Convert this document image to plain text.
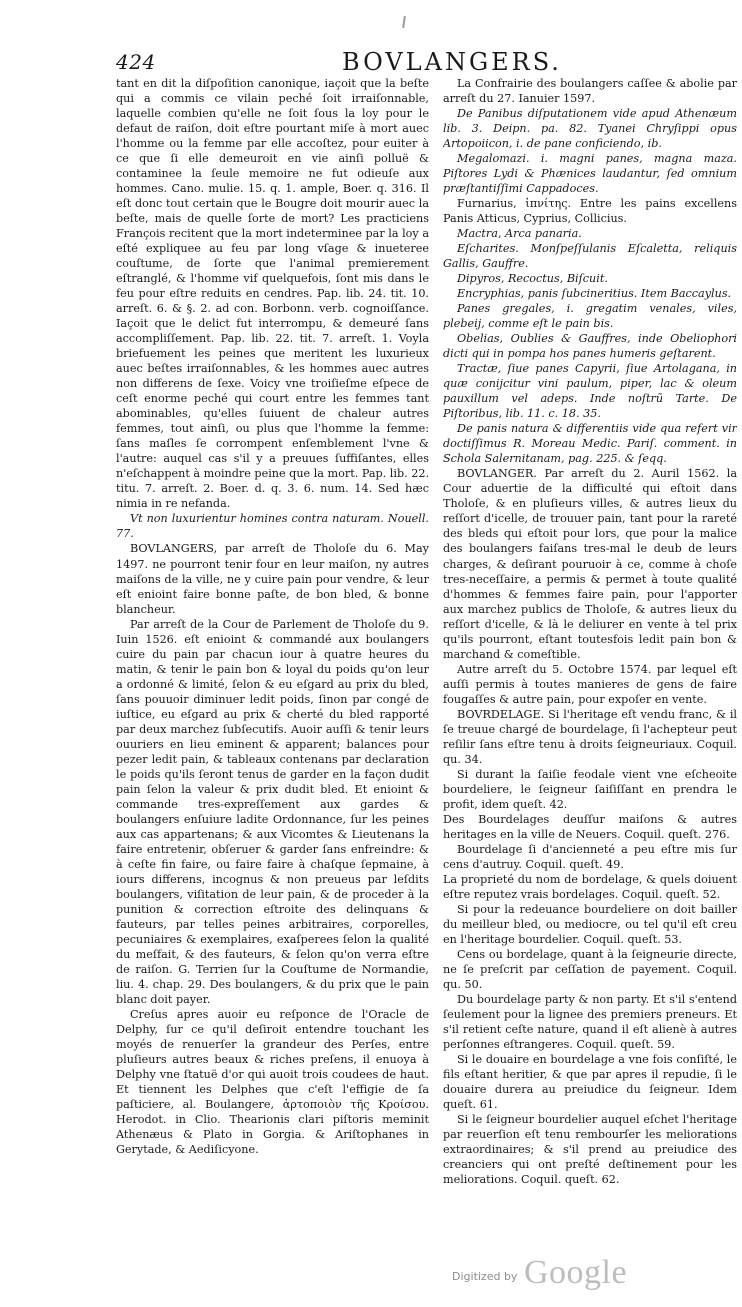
424	BOVLANGERS.

tant en dit la diſpoſition canonique, iaçoit que la beſte qui a commis ce vilain peché ſoit irraiſonnable, laquelle combien qu'elle ne ſoit ſous la loy pour le defaut de raiſon, doit eſtre pourtant miſe à mort auec l'homme ou la femme par elle accoſtez, pour euiter à ce que ſi elle demeuroit en vie ainſi polluë & contaminee la ſeule memoire ne fut odieuſe aux hommes. Cano. mulie. 15. q. 1. ample, Boer. q. 316. Il eſt donc tout certain que le Bougre doit mourir auec la beſte, mais de quelle ſorte de mort? Les practiciens François recitent que la mort indeterminee par la loy a eſté expliquee au feu par long vſage & inueteree couſtume, de ſorte que l'animal premierement eſtranglé, & l'homme vif quelquefois, ſont mis dans le feu pour eſtre reduits en cendres. Pap. lib. 24. tit. 10. arreſt. 6. & §. 2. ad con. Borbonn. verb. cognoiſſance. Iaçoit que le delict fut interrompu, & demeuré ſans accompliſſement. Pap. lib. 22. tit. 7. arreſt. 1. Voyla briefuement les peines que meritent les luxurieux auec beſtes irraiſonnables, & les hommes auec autres non differens de ſexe. Voicy vne troiſieſme eſpece de ceſt enorme peché qui court entre les femmes tant abominables, qu'elles ſuiuent de chaleur autres femmes, tout ainſi, ou plus que l'homme la femme: ſans maſles ſe corrompent enſemblement l'vne & l'autre: auquel cas s'il y a preuues ſuffiſantes, elles n'eſchappent à moindre peine que la mort. Pap. lib. 22. titu. 7. arreſt. 2. Boer. d. q. 3. 6. num. 14. Sed hæc nimia in re nefanda.

Vt non luxurientur homines contra naturam. Nouell. 77.

BOVLANGERS, par arreſt de Tholoſe du 6. May 1497. ne pourront tenir four en leur maiſon, ny autres maiſons de la ville, ne y cuire pain pour vendre, & leur eſt enioint faire bonne paſte, de bon bled, & bonne blancheur.

Par arreſt de la Cour de Parlement de Tholoſe du 9. Iuin 1526. eſt enioint & commandé aux boulangers cuire du pain par chacun iour à quatre heures du matin, & tenir le pain bon & loyal du poids qu'on leur a ordonné & limité, ſelon & eu eſgard au prix du bled, ſans pouuoir diminuer ledit poids, ſinon par congé de iuſtice, eu eſgard au prix & cherté du bled rapporté par deux marchez ſubſecutifs. Auoir auſſi & tenir leurs ouuriers en lieu eminent & apparent; balances pour pezer ledit pain, & tableaux contenans par declaration le poids qu'ils ſeront tenus de garder en la façon dudit pain ſelon la valeur & prix dudit bled. Et enioint & commande tres-expreſſement aux gardes & boulangers enſuiure ladite Ordonnance, ſur les peines aux cas appartenans; & aux Vicomtes & Lieutenans la faire entretenir, obſeruer & garder ſans enfreindre: & à ceſte fin faire, ou faire faire à chaſque ſepmaine, à iours differens, incognus & non preueus par leſdits boulangers, viſitation de leur pain, & de proceder à la punition & correction eſtroite des delinquans & fauteurs, par telles peines arbitraires, corporelles, pecuniaires & exemplaires, exaſperees ſelon la qualité du meſfait, & des fauteurs, & ſelon qu'on verra eſtre de raiſon. G. Terrien ſur la Couſtume de Normandie, liu. 4. chap. 29. Des boulangers, & du prix que le pain blanc doit payer.

Creſus apres auoir eu reſponce de l'Oracle de Delphy, ſur ce qu'il deſiroit entendre touchant les moyés de renuerſer la grandeur des Perſes, entre pluſieurs autres beaux & riches preſens, il enuoya à Delphy vne ſtatuë d'or qui auoit trois coudees de haut. Et tiennent les Delphes que c'eſt l'effigie de ſa paſticiere, al. Boulangere, ἀρτοποιὸν τῆς Κροίσου. Herodot. in Clio. Thearionis clari piſtoris meminit Athenæus & Plato in Gorgia. & Ariſtophanes in Gerytade, & Aediſicyone.

La Confrairie des boulangers caſſee & abolie par arreſt du 27. Ianuier 1597.

De Panibus diſputationem vide apud Athenæum lib. 3. Deipn. pa. 82. Tyanei Chryſippi opus Artopoiicon, i. de pane conficiendo, ib.

Megalomazi. i. magni panes, magna maza. Piſtores Lydi & Phænices laudantur, ſed omnium præſtantiſſimi Cappadoces.

Furnarius, ἰπνίτης. Entre les pains excellens Panis Atticus, Cyprius, Collicius.

Mactra, Arca panaria.

Eſcharites. Monſpeſſulanis Eſcaletta, reliquis Gallis, Gauffre.

Dipyros, Recoctus, Biſcuit.

Encryphias, panis ſubcineritius. Item Baccaylus.

Panes gregales, i. gregatim venales, viles, plebeij, comme eſt le pain bis.

Obelias, Oublies & Gauffres, inde Obeliophori dicti qui in pompa hos panes humeris geſtarent.

Tractæ, ſiue panes Capyrii, ſiue Artolagana, in quæ conijcitur vini paulum, piper, lac & oleum pauxillum vel adeps. Inde noſtrũ Tarte. De Piſtoribus, lib. 11. c. 18. 35.

De panis natura & differentiis vide qua refert vir doctiſſimus R. Moreau Medic. Pariſ. comment. in Schola Salernitanam, pag. 225. & ſeqq.

BOVLANGER. Par arreſt du 2. Auril 1562. la Cour aduertie de la difficulté qui eſtoit dans Tholoſe, & en pluſieurs villes, & autres lieux du reſſort d'icelle, de trouuer pain, tant pour la rareté des bleds qui eſtoit pour lors, que pour la malice des boulangers faiſans tres-mal le deub de leurs charges, & deſirant pouruoir à ce, comme à choſe tres-neceſſaire, a permis & permet à toute qualité d'hommes & femmes faire pain, pour l'apporter aux marchez publics de Tholoſe, & autres lieux du reſſort d'icelle, & là le deliurer en vente à tel prix qu'ils pourront, eſtant toutesfois ledit pain bon & marchand & comeſtible.

Autre arreſt du 5. Octobre 1574. par lequel eſt auſſi permis à toutes manieres de gens de faire fougaſſes & autre pain, pour expoſer en vente.

BOVRDELAGE. Si l'heritage eſt vendu franc, & il ſe treuue chargé de bourdelage, ſi l'achepteur peut reſilir ſans eſtre tenu à droits ſeigneuriaux. Coquil. qu. 34.

Si durant la ſaiſie feodale vient vne eſcheoite bourdeliere, le ſeigneur ſaiſiſſant en prendra le profit, idem queſt. 42.

Des Bourdelages deuſſur maiſons & autres heritages en la ville de Neuers. Coquil. queſt. 276.

Bourdelage ſi d'ancienneté a peu eſtre mis ſur cens d'autruy. Coquil. queſt. 49.

La proprieté du nom de bordelage, & quels doiuent eſtre reputez vrais bordelages. Coquil. queſt. 52.

Si pour la redeuance bourdeliere on doit bailler du meilleur bled, ou mediocre, ou tel qu'il eſt creu en l'heritage bourdelier. Coquil. queſt. 53.

Cens ou bordelage, quant à la ſeigneurie directe, ne ſe preſcrit par ceſſation de payement. Coquil. qu. 50.

Du bourdelage party & non party. Et s'il s'entend ſeulement pour la lignee des premiers preneurs. Et s'il retient ceſte nature, quand il eſt alienè à autres perſonnes eſtrangeres. Coquil. queſt. 59.

Si le douaire en bourdelage a vne fois conſiſté, le fils eſtant heritier, & que par apres il repudie, ſi le douaire durera au preiudice du ſeigneur. Idem queſt. 61.

Si le ſeigneur bourdelier auquel eſchet l'heritage par reuerſion eſt tenu rembourſer les meliorations extraordinaires; & s'il prend au preiudice des creanciers qui ont preſté deſtinement pour les meliorations. Coquil. queſt. 62.

Digitized by Google
